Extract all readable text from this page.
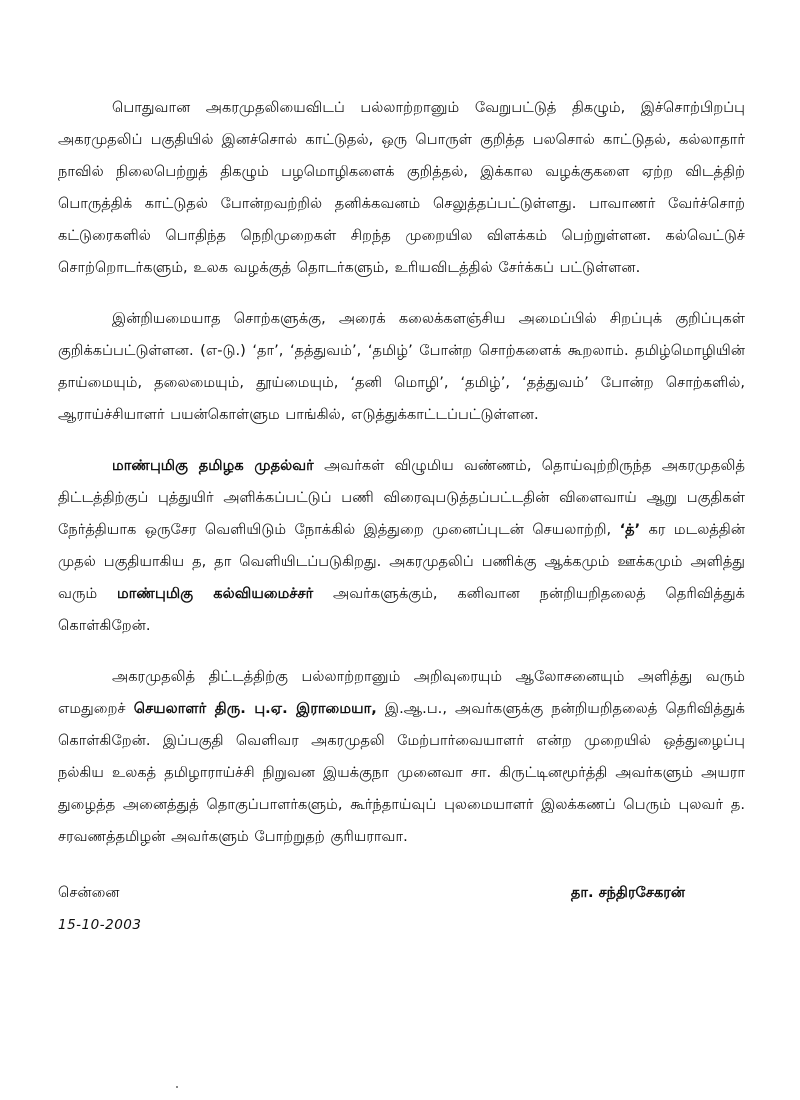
பொதுவான அகரமுதலியைவிடப் பல்லாற்றானும் வேறுபட்டுத் திகழும், இச்சொற்பிறப்பு அகரமுதலிப் பகுதியில் இனச்சொல் காட்டுதல், ஒரு பொருள் குறித்த பலசொல் காட்டுதல், கல்லாதார் நாவில் நிலைபெற்றுத் திகழும் பழமொழிகளைக் குறித்தல், இக்கால வழக்குகளை ஏற்ற விடத்திற் பொருத்திக் காட்டுதல் போன்றவற்றில் தனிக்கவனம் செலுத்தப்பட்டுள்ளது. பாவாணர் வேர்ச்சொற் கட்டுரைகளில் பொதிந்த நெறிமுறைகள் சிறந்த முறையில விளக்கம் பெற்றுள்ளன. கல்வெட்டுச் சொற்றொடர்களும், உலக வழக்குத் தொடர்களும், உரியவிடத்தில் சேர்க்கப் பட்டுள்ளன.

இன்றியமையாத சொற்களுக்கு, அரைக் கலைக்களஞ்சிய அமைப்பில் சிறப்புக் குறிப்புகள் குறிக்கப்பட்டுள்ளன. (எ-டு.) ‘தா’, ‘தத்துவம்’, ‘தமிழ்’ போன்ற சொற்களைக் கூறலாம். தமிழ்மொழியின் தாய்மையும், தலைமையும், தூய்மையும், ‘தனி மொழி’, ‘தமிழ்’, ‘தத்துவம்’ போன்ற சொற்களில், ஆராய்ச்சியாளர் பயன்கொள்ளும பாங்கில், எடுத்துக்காட்டப்பட்டுள்ளன.

மாண்புமிகு தமிழக முதல்வர் அவர்கள் விழுமிய வண்ணம், தொய்வுற்றிருந்த அகரமுதலித் திட்டத்திற்குப் புத்துயிர் அளிக்கப்பட்டுப் பணி விரைவுபடுத்தப்பட்டதின் விளைவாய் ஆறு பகுதிகள் நேர்த்தியாக ஒருசேர வெளியிடும் நோக்கில் இத்துறை முனைப்புடன் செயலாற்றி, ‘த்’ கர மடலத்தின் முதல் பகுதியாகிய த, தா வெளியிடப்படுகிறது. அகரமுதலிப் பணிக்கு ஆக்கமும் ஊக்கமும் அளித்து வரும் மாண்புமிகு கல்வியமைச்சர் அவர்களுக்கும், கனிவான நன்றியறிதலைத் தெரிவித்துக் கொள்கிறேன்.

அகரமுதலித் திட்டத்திற்கு பல்லாற்றானும் அறிவுரையும் ஆலோசனையும் அளித்து வரும் எமதுறைச் செயலாளர் திரு. பு.ஏ. இராமையா, இ.ஆ.ப., அவர்களுக்கு நன்றியறிதலைத் தெரிவித்துக் கொள்கிறேன். இப்பகுதி வெளிவர அகரமுதலி மேற்பார்வையாளர் என்ற முறையில் ஒத்துழைப்பு நல்கிய உலகத் தமிழாராய்ச்சி நிறுவன இயக்குநா முனைவா சா. கிருட்டினமூர்த்தி அவர்களும் அயரா துழைத்த அனைத்துத் தொகுப்பாளர்களும், கூர்ந்தாய்வுப் புலமையாளர் இலக்கணப் பெரும் புலவர் த. சரவணத்தமிழன் அவர்களும் போற்றுதற் குரியராவா.

சென்னை
15-10-2003
தா. சந்திரசேகரன்
